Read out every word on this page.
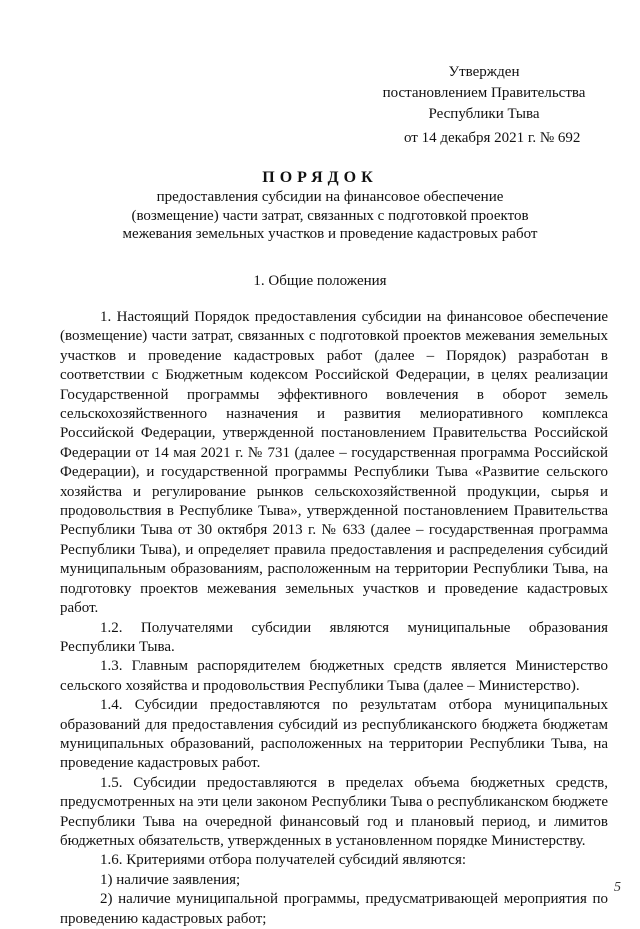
Утвержден
постановлением Правительства
Республики Тыва
от 14 декабря 2021 г. № 692
ПОРЯДОК
предоставления субсидии на финансовое обеспечение (возмещение) части затрат, связанных с подготовкой проектов межевания земельных участков и проведение кадастровых работ
1. Общие положения

1. Настоящий Порядок предоставления субсидии на финансовое обеспечение (возмещение) части затрат, связанных с подготовкой проектов межевания земельных участков и проведение кадастровых работ (далее – Порядок) разработан в соответствии с Бюджетным кодексом Российской Федерации, в целях реализации Государственной программы эффективного вовлечения в оборот земель сельскохозяйственного назначения и развития мелиоративного комплекса Российской Федерации, утвержденной постановлением Правительства Российской Федерации от 14 мая 2021 г. № 731 (далее – государственная программа Российской Федерации), и государственной программы Республики Тыва «Развитие сельского хозяйства и регулирование рынков сельскохозяйственной продукции, сырья и продовольствия в Республике Тыва», утвержденной постановлением Правительства Республики Тыва от 30 октября 2013 г. № 633 (далее – государственная программа Республики Тыва), и определяет правила предоставления и распределения субсидий муниципальным образованиям, расположенным на территории Республики Тыва, на подготовку проектов межевания земельных участков и проведение кадастровых работ.

1.2. Получателями субсидии являются муниципальные образования Республики Тыва.

1.3. Главным распорядителем бюджетных средств является Министерство сельского хозяйства и продовольствия Республики Тыва (далее – Министерство).

1.4. Субсидии предоставляются по результатам отбора муниципальных образований для предоставления субсидий из республиканского бюджета бюджетам муниципальных образований, расположенных на территории Республики Тыва, на проведение кадастровых работ.

1.5. Субсидии предоставляются в пределах объема бюджетных средств, предусмотренных на эти цели законом Республики Тыва о республиканском бюджете Республики Тыва на очередной финансовый год и плановый период, и лимитов бюджетных обязательств, утвержденных в установленном порядке Министерству.

1.6. Критериями отбора получателей субсидий являются:

1) наличие заявления;

2) наличие муниципальной программы, предусматривающей мероприятия по проведению кадастровых работ;

5
